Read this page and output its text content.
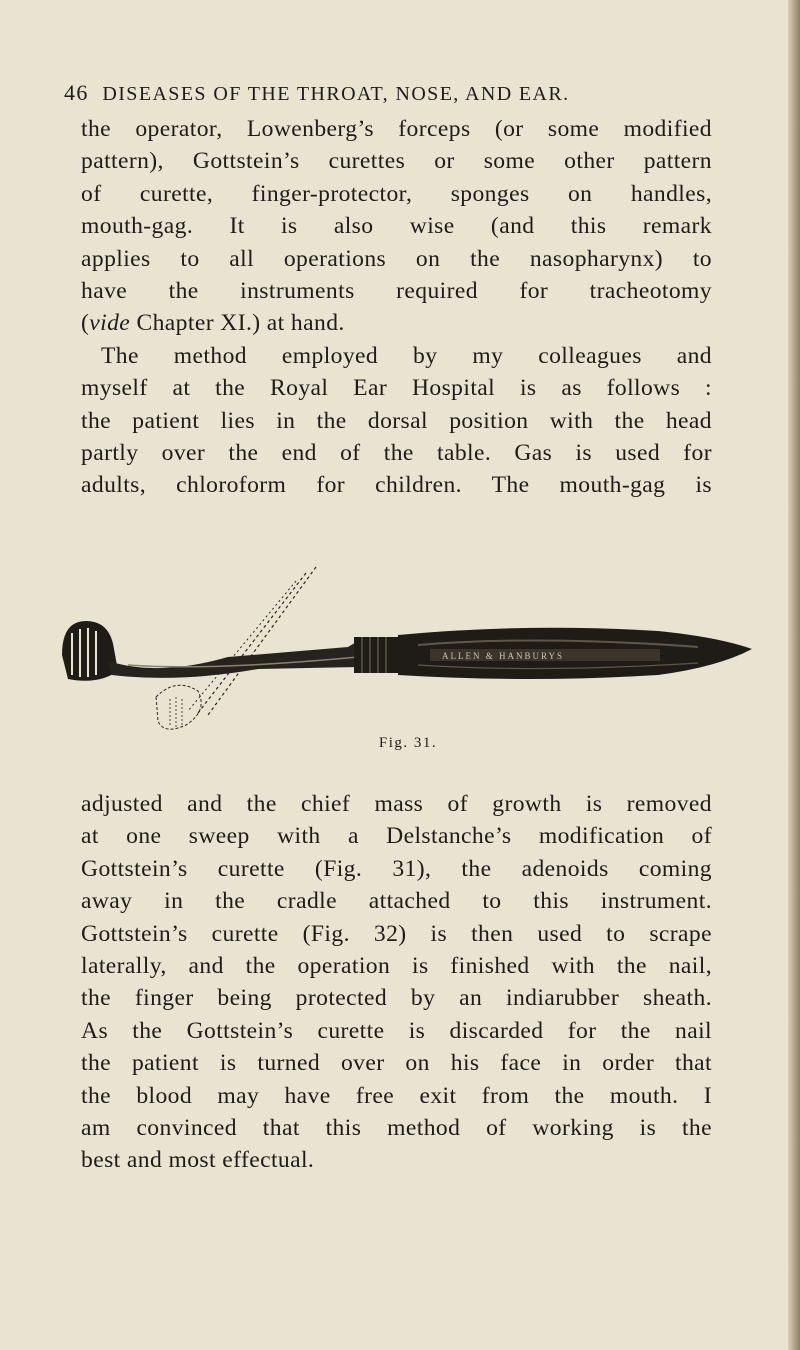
46 DISEASES OF THE THROAT, NOSE, AND EAR.
the operator, Lowenberg’s forceps (or some modified
pattern), Gottstein’s curettes or some other pattern
of curette, finger-protector, sponges on handles,
mouth-gag. It is also wise (and this remark
applies to all operations on the nasopharynx) to
have the instruments required for tracheotomy
(vide Chapter XI.) at hand.
The method employed by my colleagues and
myself at the Royal Ear Hospital is as follows :
the patient lies in the dorsal position with the head
partly over the end of the table. Gas is used for
adults, chloroform for children. The mouth-gag is
ALLEN & HANBURYS
Fig. 31.
adjusted and the chief mass of growth is removed
at one sweep with a Delstanche’s modification of
Gottstein’s curette (Fig. 31), the adenoids coming
away in the cradle attached to this instrument.
Gottstein’s curette (Fig. 32) is then used to scrape
laterally, and the operation is finished with the nail,
the finger being protected by an indiarubber sheath.
As the Gottstein’s curette is discarded for the nail
the patient is turned over on his face in order that
the blood may have free exit from the mouth. I
am convinced that this method of working is the
best and most effectual.
